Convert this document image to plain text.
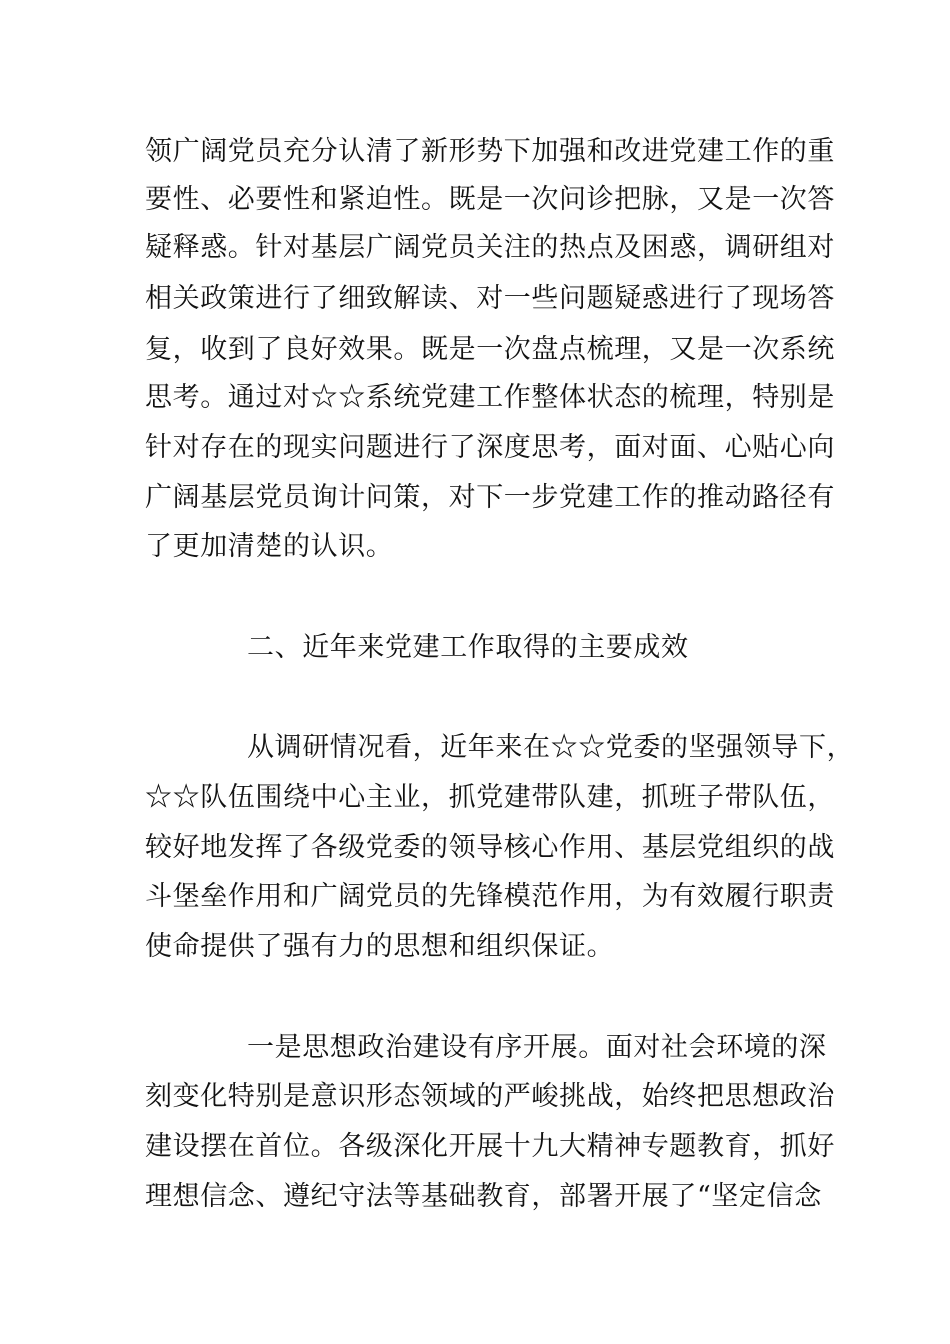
领广阔党员充分认清了新形势下加强和改进党建工作的重
要性、必要性和紧迫性。既是一次问诊把脉，又是一次答
疑释惑。针对基层广阔党员关注的热点及困惑，调研组对
相关政策进行了细致解读、对一些问题疑惑进行了现场答
复，收到了良好效果。既是一次盘点梳理，又是一次系统
思考。通过对☆☆系统党建工作整体状态的梳理，特别是
针对存在的现实问题进行了深度思考，面对面、心贴心向
广阔基层党员询计问策，对下一步党建工作的推动路径有
了更加清楚的认识。
二、近年来党建工作取得的主要成效
从调研情况看，近年来在☆☆党委的坚强领导下，
☆☆队伍围绕中心主业，抓党建带队建，抓班子带队伍，
较好地发挥了各级党委的领导核心作用、基层党组织的战
斗堡垒作用和广阔党员的先锋模范作用，为有效履行职责
使命提供了强有力的思想和组织保证。
一是思想政治建设有序开展。面对社会环境的深
刻变化特别是意识形态领域的严峻挑战，始终把思想政治
建设摆在首位。各级深化开展十九大精神专题教育，抓好
理想信念、遵纪守法等基础教育，部署开展了“坚定信念
